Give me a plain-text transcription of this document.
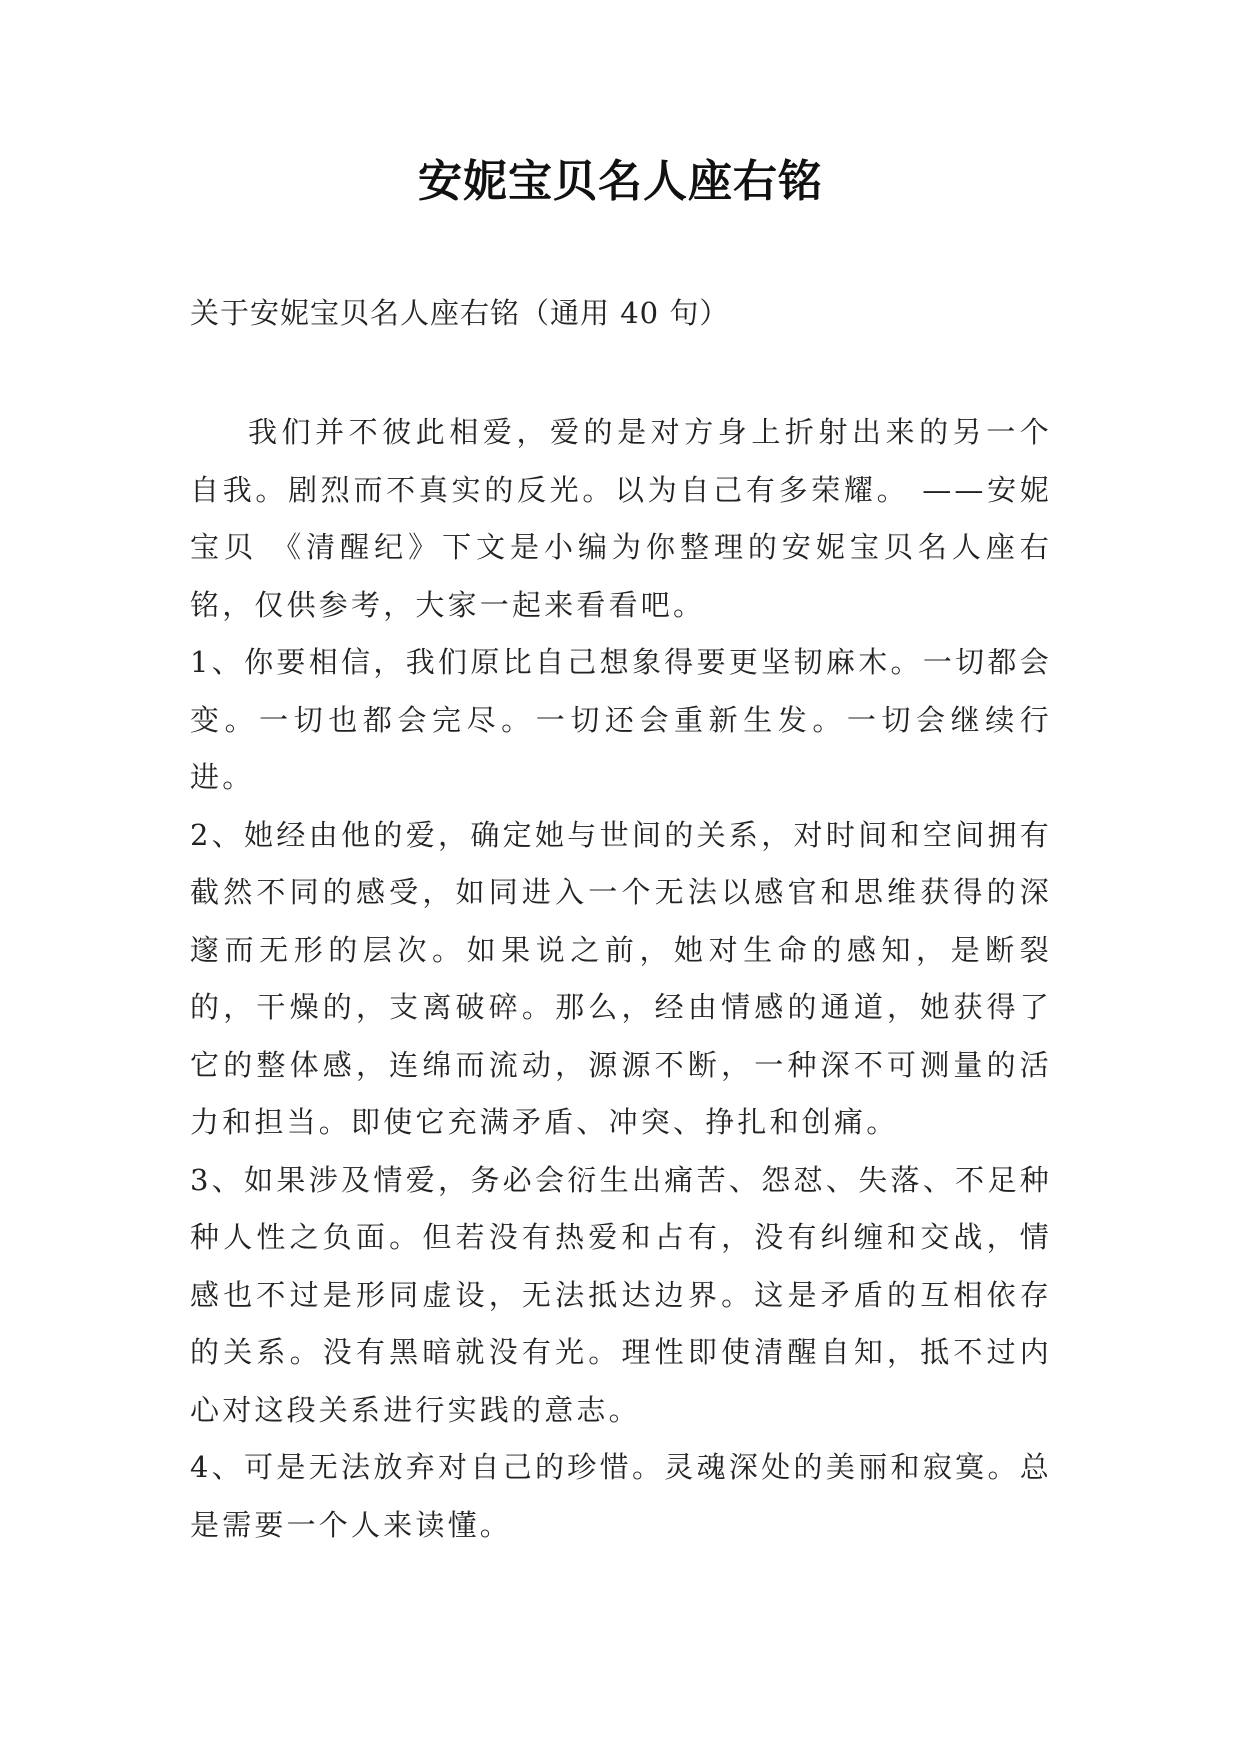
安妮宝贝名人座右铭
关于安妮宝贝名人座右铭（通用 40 句）

我们并不彼此相爱，爱的是对方身上折射出来的另一个自我。剧烈而不真实的反光。以为自己有多荣耀。 ——安妮宝贝 《清醒纪》下文是小编为你整理的安妮宝贝名人座右铭，仅供参考，大家一起来看看吧。

1、你要相信，我们原比自己想象得要更坚韧麻木。一切都会变。一切也都会完尽。一切还会重新生发。一切会继续行进。

2、她经由他的爱，确定她与世间的关系，对时间和空间拥有截然不同的感受，如同进入一个无法以感官和思维获得的深邃而无形的层次。如果说之前，她对生命的感知，是断裂的，干燥的，支离破碎。那么，经由情感的通道，她获得了它的整体感，连绵而流动，源源不断，一种深不可测量的活力和担当。即使它充满矛盾、冲突、挣扎和创痛。

3、如果涉及情爱，务必会衍生出痛苦、怨怼、失落、不足种种人性之负面。但若没有热爱和占有，没有纠缠和交战，情感也不过是形同虚设，无法抵达边界。这是矛盾的互相依存的关系。没有黑暗就没有光。理性即使清醒自知，抵不过内心对这段关系进行实践的意志。

4、可是无法放弃对自己的珍惜。灵魂深处的美丽和寂寞。总是需要一个人来读懂。
